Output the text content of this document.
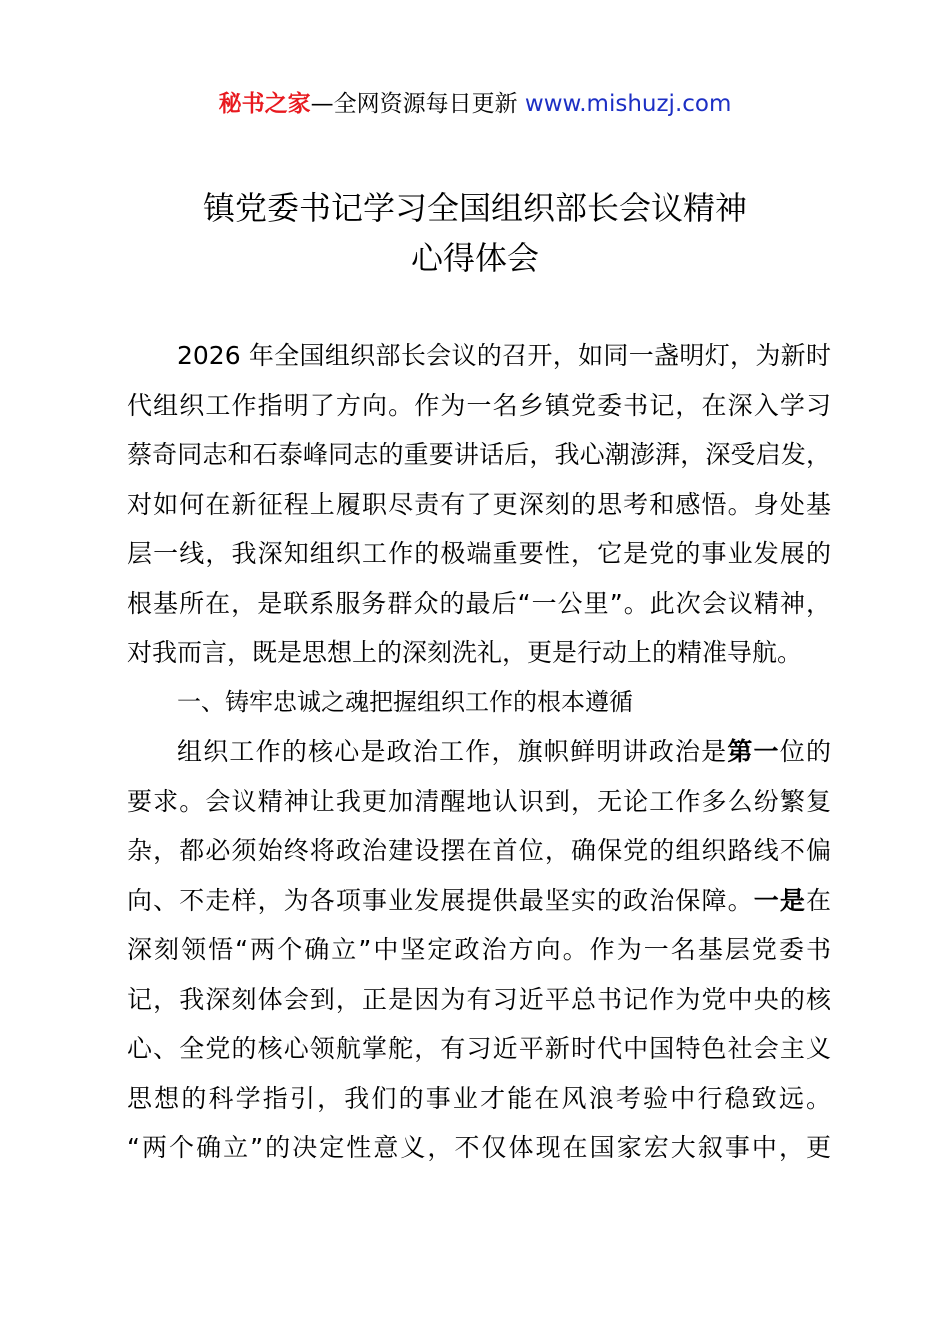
秘书之家—全网资源每日更新 www.mishuzj.com
镇党委书记学习全国组织部长会议精神
心得体会
2026 年全国组织部长会议的召开，如同一盏明灯，为新时
代组织工作指明了方向。作为一名乡镇党委书记，在深入学习
蔡奇同志和石泰峰同志的重要讲话后，我心潮澎湃，深受启发，
对如何在新征程上履职尽责有了更深刻的思考和感悟。身处基
层一线，我深知组织工作的极端重要性，它是党的事业发展的
根基所在，是联系服务群众的最后“一公里”。此次会议精神，
对我而言，既是思想上的深刻洗礼，更是行动上的精准导航。
一、铸牢忠诚之魂把握组织工作的根本遵循
组织工作的核心是政治工作，旗帜鲜明讲政治是第一位的
要求。会议精神让我更加清醒地认识到，无论工作多么纷繁复
杂，都必须始终将政治建设摆在首位，确保党的组织路线不偏
向、不走样，为各项事业发展提供最坚实的政治保障。一是在
深刻领悟“两个确立”中坚定政治方向。作为一名基层党委书
记，我深刻体会到，正是因为有习近平总书记作为党中央的核
心、全党的核心领航掌舵，有习近平新时代中国特色社会主义
思想的科学指引，我们的事业才能在风浪考验中行稳致远。
“两个确立”的决定性意义，不仅体现在国家宏大叙事中，更
